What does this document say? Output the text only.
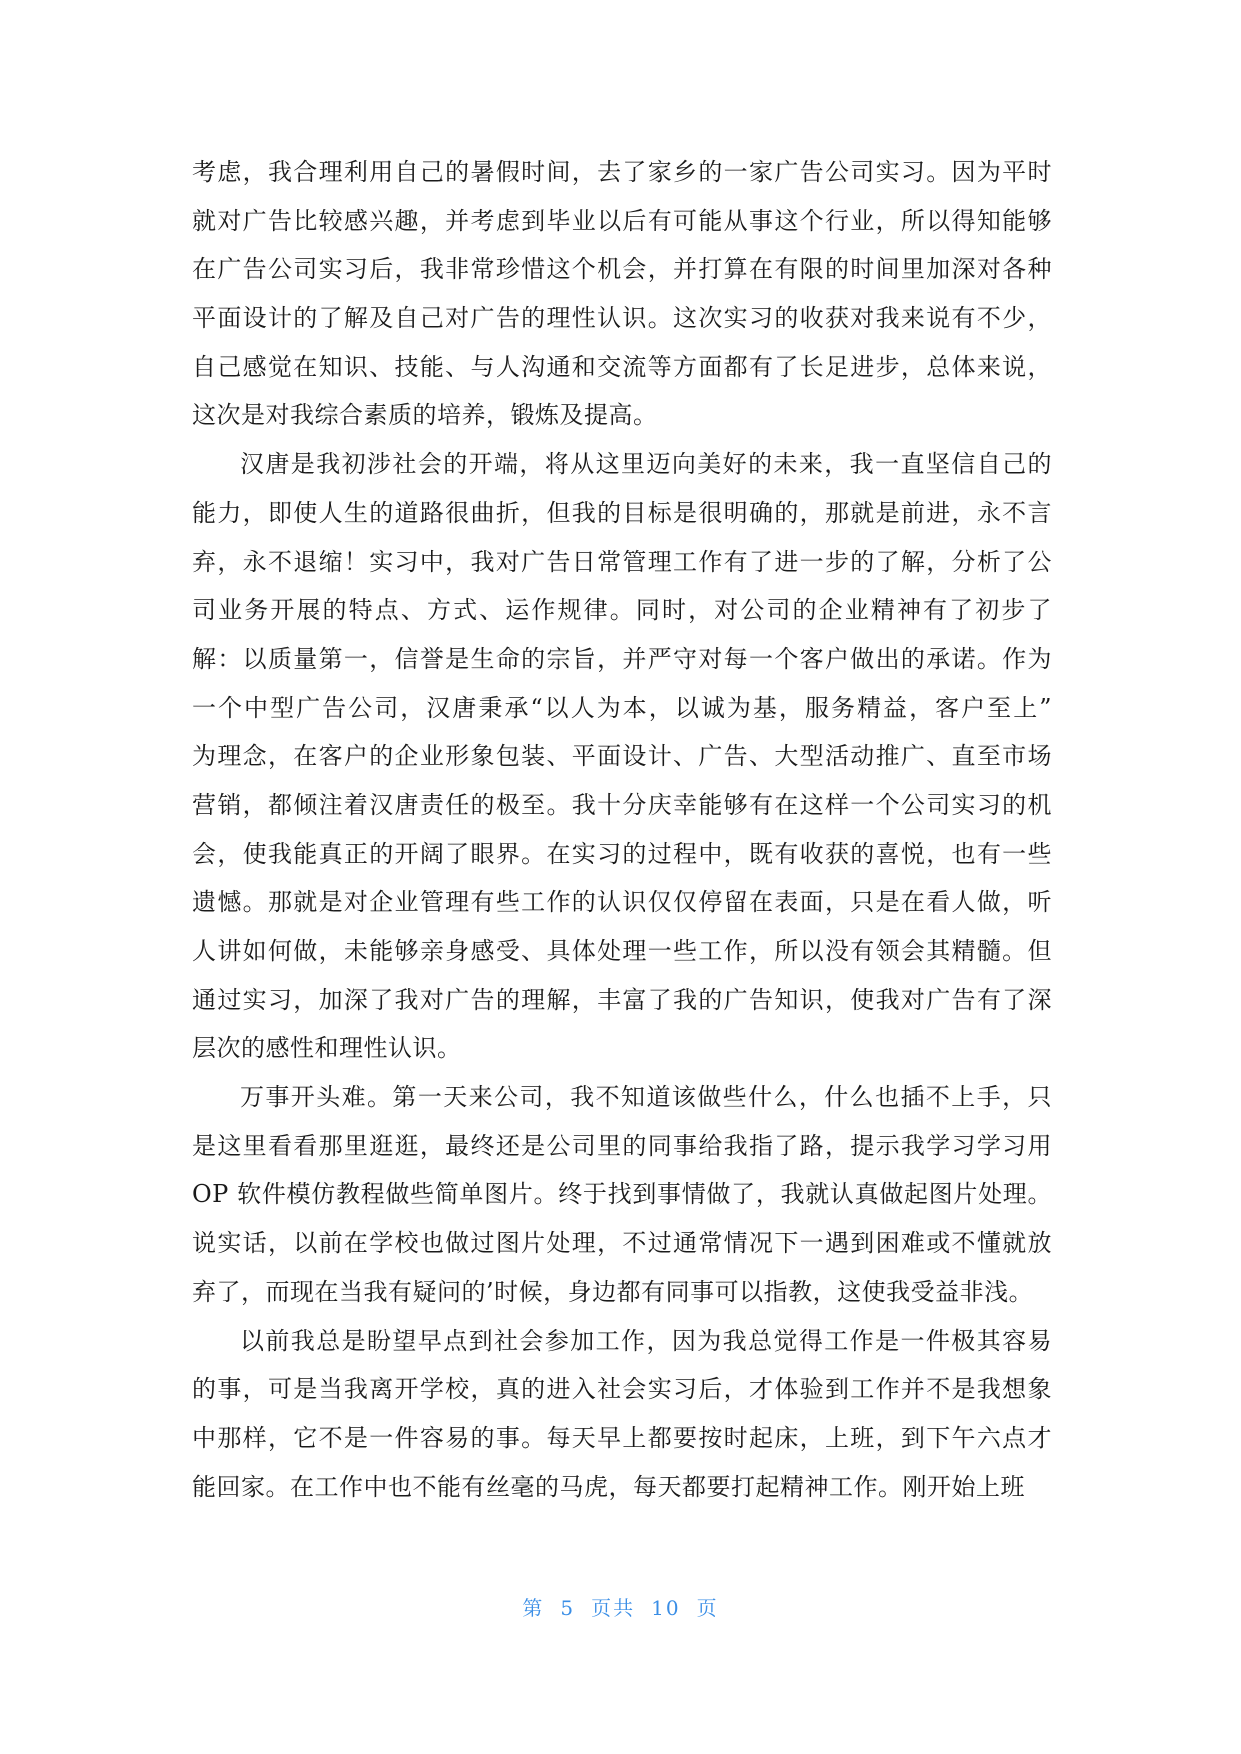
考虑，我合理利用自己的暑假时间，去了家乡的一家广告公司实习。因为平时
就对广告比较感兴趣，并考虑到毕业以后有可能从事这个行业，所以得知能够
在广告公司实习后，我非常珍惜这个机会，并打算在有限的时间里加深对各种
平面设计的了解及自己对广告的理性认识。这次实习的收获对我来说有不少，
自己感觉在知识、技能、与人沟通和交流等方面都有了长足进步，总体来说，
这次是对我综合素质的培养，锻炼及提高。
汉唐是我初涉社会的开端，将从这里迈向美好的未来，我一直坚信自己的
能力，即使人生的道路很曲折，但我的目标是很明确的，那就是前进，永不言
弃，永不退缩！实习中，我对广告日常管理工作有了进一步的了解，分析了公
司业务开展的特点、方式、运作规律。同时，对公司的企业精神有了初步了
解：以质量第一，信誉是生命的宗旨，并严守对每一个客户做出的承诺。作为
一个中型广告公司，汉唐秉承“以人为本，以诚为基，服务精益，客户至上”
为理念，在客户的企业形象包装、平面设计、广告、大型活动推广、直至市场
营销，都倾注着汉唐责任的极至。我十分庆幸能够有在这样一个公司实习的机
会，使我能真正的开阔了眼界。在实习的过程中，既有收获的喜悦，也有一些
遗憾。那就是对企业管理有些工作的认识仅仅停留在表面，只是在看人做，听
人讲如何做，未能够亲身感受、具体处理一些工作，所以没有领会其精髓。但
通过实习，加深了我对广告的理解，丰富了我的广告知识，使我对广告有了深
层次的感性和理性认识。
万事开头难。第一天来公司，我不知道该做些什么，什么也插不上手，只
是这里看看那里逛逛，最终还是公司里的同事给我指了路，提示我学习学习用
OP 软件模仿教程做些简单图片。终于找到事情做了，我就认真做起图片处理。
说实话，以前在学校也做过图片处理，不过通常情况下一遇到困难或不懂就放
弃了，而现在当我有疑问的’时候，身边都有同事可以指教，这使我受益非浅。
以前我总是盼望早点到社会参加工作，因为我总觉得工作是一件极其容易
的事，可是当我离开学校，真的进入社会实习后，才体验到工作并不是我想象
中那样，它不是一件容易的事。每天早上都要按时起床，上班，到下午六点才
能回家。在工作中也不能有丝毫的马虎，每天都要打起精神工作。刚开始上班
第 5 页共 10 页
